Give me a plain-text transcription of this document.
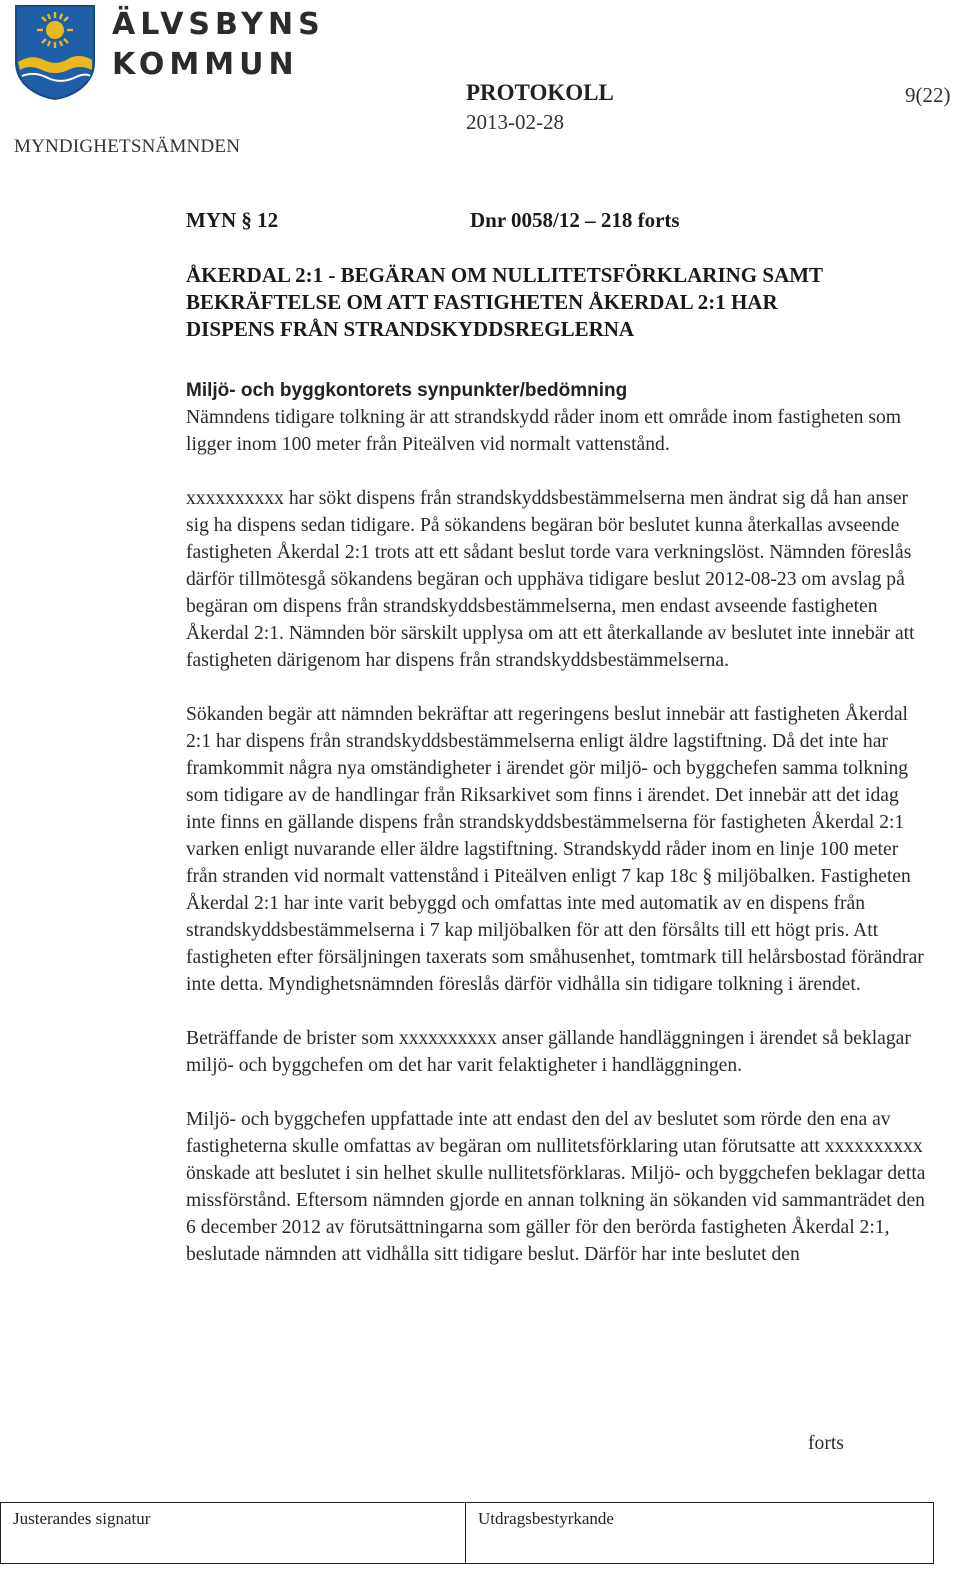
ÄLVSBYNS
KOMMUN
MYNDIGHETSNÄMNDEN
PROTOKOLL
2013-02-28
9(22)
MYN § 12	Dnr 0058/12 – 218 forts
ÅKERDAL 2:1 - BEGÄRAN OM NULLITETSFÖRKLARING SAMT
BEKRÄFTELSE OM ATT FASTIGHETEN ÅKERDAL 2:1 HAR
DISPENS FRÅN STRANDSKYDDSREGLERNA
Miljö- och byggkontorets synpunkter/bedömning

Nämndens tidigare tolkning är att strandskydd råder inom ett område inom fastigheten som ligger inom 100 meter från Piteälven vid normalt vattenstånd.

xxxxxxxxxx har sökt dispens från strandskyddsbestämmelserna men ändrat sig då han anser sig ha dispens sedan tidigare. På sökandens begäran bör beslutet kunna återkallas avseende fastigheten Åkerdal 2:1 trots att ett sådant beslut torde vara verkningslöst. Nämnden föreslås därför tillmötesgå sökandens begäran och upphäva tidigare beslut 2012-08-23 om avslag på begäran om dispens från strandskyddsbestämmelserna, men endast avseende fastigheten Åkerdal 2:1. Nämnden bör särskilt upplysa om att ett återkallande av beslutet inte innebär att fastigheten därigenom har dispens från strandskyddsbestämmelserna.

Sökanden begär att nämnden bekräftar att regeringens beslut innebär att fastigheten Åkerdal 2:1 har dispens från strandskyddsbestämmelserna enligt äldre lagstiftning. Då det inte har framkommit några nya omständigheter i ärendet gör miljö- och byggchefen samma tolkning som tidigare av de handlingar från Riksarkivet som finns i ärendet. Det innebär att det idag inte finns en gällande dispens från strandskyddsbestämmelserna för fastigheten Åkerdal 2:1 varken enligt nuvarande eller äldre lagstiftning. Strandskydd råder inom en linje 100 meter från stranden vid normalt vattenstånd i Piteälven enligt 7 kap 18c § miljöbalken. Fastigheten Åkerdal 2:1 har inte varit bebyggd och omfattas inte med automatik av en dispens från strandskyddsbestämmelserna i 7 kap miljöbalken för att den försålts till ett högt pris. Att fastigheten efter försäljningen taxerats som småhusenhet, tomtmark till helårsbostad förändrar inte detta. Myndighetsnämnden föreslås därför vidhålla sin tidigare tolkning i ärendet.

Beträffande de brister som xxxxxxxxxx anser gällande handläggningen i ärendet så beklagar miljö- och byggchefen om det har varit felaktigheter i handläggningen.

Miljö- och byggchefen uppfattade inte att endast den del av beslutet som rörde den ena av fastigheterna skulle omfattas av begäran om nullitetsförklaring utan förutsatte att xxxxxxxxxx önskade att beslutet i sin helhet skulle nullitetsförklaras. Miljö- och byggchefen beklagar detta missförstånd. Eftersom nämnden gjorde en annan tolkning än sökanden vid sammanträdet den 6 december 2012 av förutsättningarna som gäller för den berörda fastigheten Åkerdal 2:1, beslutade nämnden att vidhålla sitt tidigare beslut. Därför har inte beslutet den

forts
Justerandes signatur	Utdragsbestyrkande
